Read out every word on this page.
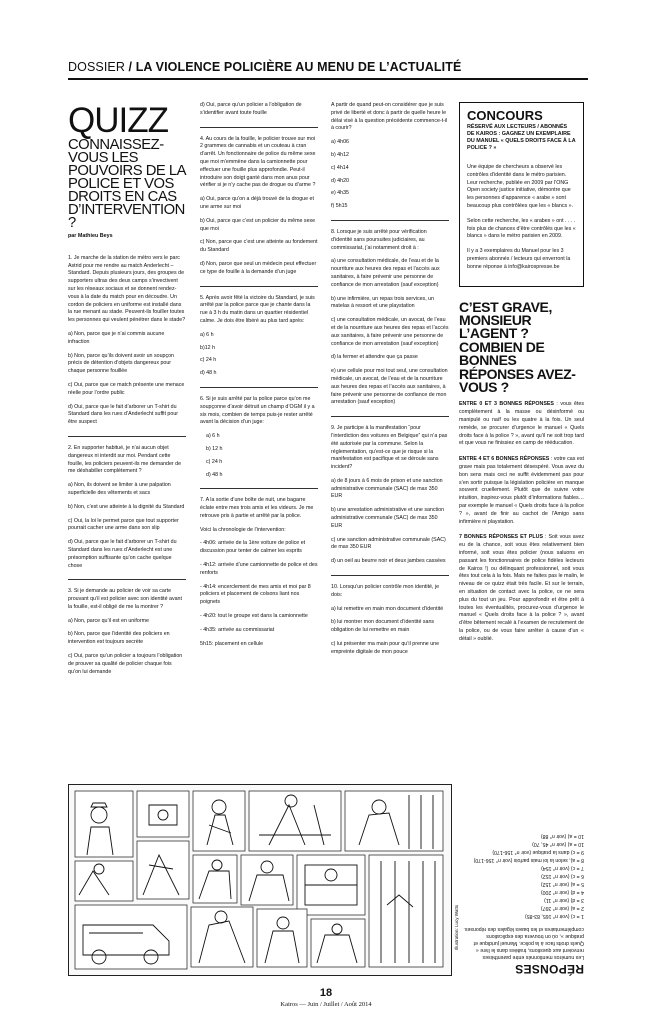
DOSSIER / LA VIOLENCE POLICIÈRE AU MENU DE L’ACTUALITÉ
QUIZZ
CONNAISSEZ-VOUS LES POUVOIRS DE LA POLICE ET VOS DROITS EN CAS D’INTERVENTION ?
par Mathieu Beys

1. Je marche de la station de métro vers le parc Astrid pour me rendre au match Anderlecht – Standard. Depuis plusieurs jours, des groupes de supporters ultras des deux camps s’invectivent sur les réseaux sociaux et se donnent rendez-vous à la date du match pour en découdre. Un cordon de policiers en uniforme est installé dans la rue menant au stade. Peuvent-ils fouiller toutes les personnes qui veulent pénétrer dans le stade?

a) Non, parce que je n’ai commis aucune infraction

b) Non, parce qu’ils doivent avoir un soupçon précis de détention d’objets dangereux pour chaque personne fouillée

c) Oui, parce que ce match présente une menace réelle pour l’ordre public

d) Oui, parce que le fait d’arborer un T-shirt du Standard dans les rues d’Anderlecht suffit pour être suspect

2. En supporter habitué, je n’ai aucun objet dangereux ni interdit sur moi. Pendant cette fouille, les policiers peuvent-ils me demander de me déshabiller complètement ?

a) Non, ils doivent se limiter à une palpation superficielle des vêtements et sacs

b) Non, c’est une atteinte à la dignité du Standard

c) Oui, la loi le permet parce que tout supporter pourrait cacher une arme dans son slip

d) Oui, parce que le fait d’arborer un T-shirt du Standard dans les rues d’Anderlecht est une présomption suffisante qu’on cache quelque chose

3. Si je demande au policier de voir sa carte prouvant qu’il est policier avec son identité avant la fouille, est-il obligé de me la montrer ?

a) Non, parce qu’il est en uniforme

b) Non, parce que l’identité des policiers en intervention est toujours secrète

c) Oui, parce qu’un policier a toujours l’obligation de prouver sa qualité de policier chaque fois qu’on lui demande

d) Oui, parce qu’un policier a l’obligation de s’identifier avant toute fouille

4. Au cours de la fouille, le policier trouve sur moi 2 grammes de cannabis et un couteau à cran d’arrêt. Un fonctionnaire de police du même sexe que moi m’emmène dans la camionnette pour effectuer une fouille plus approfondie. Peut-il introduire son doigt ganté dans mon anus pour vérifier si je n’y cache pas de drogue ou d’arme ?

a) Oui, parce qu’on a déjà trouvé de la drogue et une arme sur moi

b) Oui, parce que c’est un policier du même sexe que moi

c) Non, parce que c’est une atteinte au fondement du Standard

d) Non, parce que seul un médecin peut effectuer ce type de fouille à la demande d’un juge

5. Après avoir fêté la victoire du Standard, je suis arrêté par la police parce que je chante dans la rue à 3 h du matin dans un quartier résidentiel calme. Je dois être libéré au plus tard après:

a) 6 h

b)12 h

c) 24 h

d) 48 h

6. Si je suis arrêté par la police parce qu’on me soupçonne d’avoir détruit un champ d’OGM il y a six mois, combien de temps puis-je rester arrêté avant la décision d’un juge:

a) 6 h

b) 12 h

c) 24 h

d) 48 h

7. A la sortie d’une boîte de nuit, une bagarre éclate entre mes trois amis et les videurs. Je me retrouve pris à partie et arrêté par la police.

Voici la chronologie de l’intervention:

- 4h06: arrivée de la 1ère voiture de police et discussion pour tenter de calmer les esprits

- 4h12: arrivée d’une camionnette de police et des renforts

- 4h14: encerclement de mes amis et moi par 8 policiers et placement de colsons liant nos poignets

- 4h20: tout le groupe est dans la camionnette

- 4h35: arrivée au commissariat

5h15: placement en cellule

A partir de quand peut-on considérer que je suis privé de liberté et donc à partir de quelle heure le délai visé à la question précédente commence-t-il à courir?

a) 4h06

b) 4h12

c) 4h14

d) 4h20

e) 4h35

f) 5h15

8. Lorsque je suis arrêté pour vérification d’identité sans poursuites judiciaires, au commissariat, j’ai notamment droit à :

a) une consultation médicale, de l’eau et de la nourriture aux heures des repas et l’accès aux sanitaires, à faire prévenir une personne de confiance de mon arrestation (sauf exception)

b) une infirmière, un repas trois services, un matelas à ressort et une playstation

c) une consultation médicale, un avocat, de l’eau et de la nourriture aux heures des repas et l’accès aux sanitaires, à faire prévenir une personne de confiance de mon arrestation (sauf exception)

d) la fermer et attendre que ça passe

e) une cellule pour moi tout seul, une consultation médicale, un avocat, de l’eau et de la nourriture aux heures des repas et l’accès aux sanitaires, à faire prévenir une personne de confiance de mon arrestation (sauf exception)

9. Je participe à la manifestation “pour l’interdiction des voitures en Belgique” qui n’a pas été autorisée par la commune. Selon la réglementation, qu’est-ce que je risque si la manifestation est pacifique et se déroule sans incident?

a) de 8 jours à 6 mois de prison et une sanction administrative communale (SAC) de max 350 EUR

b) une arrestation administrative et une sanction administrative communale (SAC) de max 350 EUR

c) une sanction administrative communale (SAC) de max 350 EUR

d) un oeil au beurre noir et deux jambes cassées

10. Lorsqu’un policier contrôle mon identité, je dois:

a) lui remettre en main mon document d’identité

b) lui montrer mon document d’identité sans obligation de lui remettre en main

c) lui présenter ma main pour qu’il prenne une empreinte digitale de mon pouce

CONCOURS
RÉSERVÉ AUX LECTEURS / ABONNÉS DE KAIROS : GAGNEZ UN EXEMPLAIRE DU MANUEL « QUELS DROITS FACE À LA POLICE ? »

Une équipe de chercheurs a observé les contrôles d’identité dans le métro parisien. Leur recherche, publiée en 2009 par l’ONG Open society justice initiative, démontre que les personnes d’apparence « arabe » sont beaucoup plus contrôlées que les « blancs ».

Selon cette recherche, les « arabes » ont . . . . fois plus de chances d’être contrôlés que les « blancs » dans le métro parisien en 2009.

Il y a 3 exemplaires du Manuel pour les 3 premiers abonnés / lecteurs qui enverront la bonne réponse à info@kairospresse.be

C’EST GRAVE, MONSIEUR L’AGENT ? COMBIEN DE BONNES RÉPONSES AVEZ-VOUS ?

ENTRE 0 ET 3 BONNES RÉPONSES : vous êtes complètement à la masse ou désinformé ou manipulé ou naïf ou les quatre à la fois. Un seul remède, se procurer d’urgence le manuel « Quels droits face à la police ? », avant qu’il ne soit trop tard et que vous ne finissiez en camp de rééducation.

ENTRE 4 ET 6 BONNES RÉPONSES : votre cas est grave mais pas totalement désespéré. Vous avez du bon sens mais ceci ne suffit évidemment pas pour s’en sortir puisque la législation policière en manque souvent cruellement. Plutôt que de suivre votre intuition, inspirez-vous plutôt d’informations fiables… par exemple le manuel « Quels droits face à la police ? », avant de finir au cachot de l’Amigo sans infirmière ni playstation.

7 BONNES RÉPONSES ET PLUS : Soit vous avez eu de la chance, soit vous êtes relativement bien informé, soit vous êtes policier (nous saluons en passant les fonctionnaires de police fidèles lecteurs de Kairos !) ou délinquant professionnel, soit vous êtes tout cela à la fois. Mais ne faites pas le malin, le niveau de ce quizz était très facile. Et sur le terrain, en situation de contact avec la police, ce ne sera plus du tout un jeu. Pour approfondir et être prêt à toutes les éventualités, procurez-vous d’urgence le manuel « Quels droits face à la police ? », avant d’être bêtement recalé à l’examen de recrutement de la police, ou de vous faire arrêter à cause d’un « détail » oublié.

Illustration: Lucy Watts
RÉPONSES

Les numéros mentionnés entre parenthèses renvoient aux questions, traitées dans le livre « Quels droits face à la police. Manuel juridique et pratique », où on trouvera des explications complémentaires et les bases légales des réponses.

1 = c) (voir n° 165, 83-85)
2 = a) (voir n° 397)
3 = d) (voir n° 11)
4 = d) (voir n° 200)
5 = a) (voir n° 152)
6 = c) (voir n° 152)
7 = c) (voir n° 154)
8 = a), selon la loi mais parfois (voir n° 156-170)
9 = c) dans la pratique (voir n° 156-170)
10 = a) (voir n° 45, 70)
10 = a) (voir n° 88)
18
Kairos — Juin / Juillet / Août 2014
